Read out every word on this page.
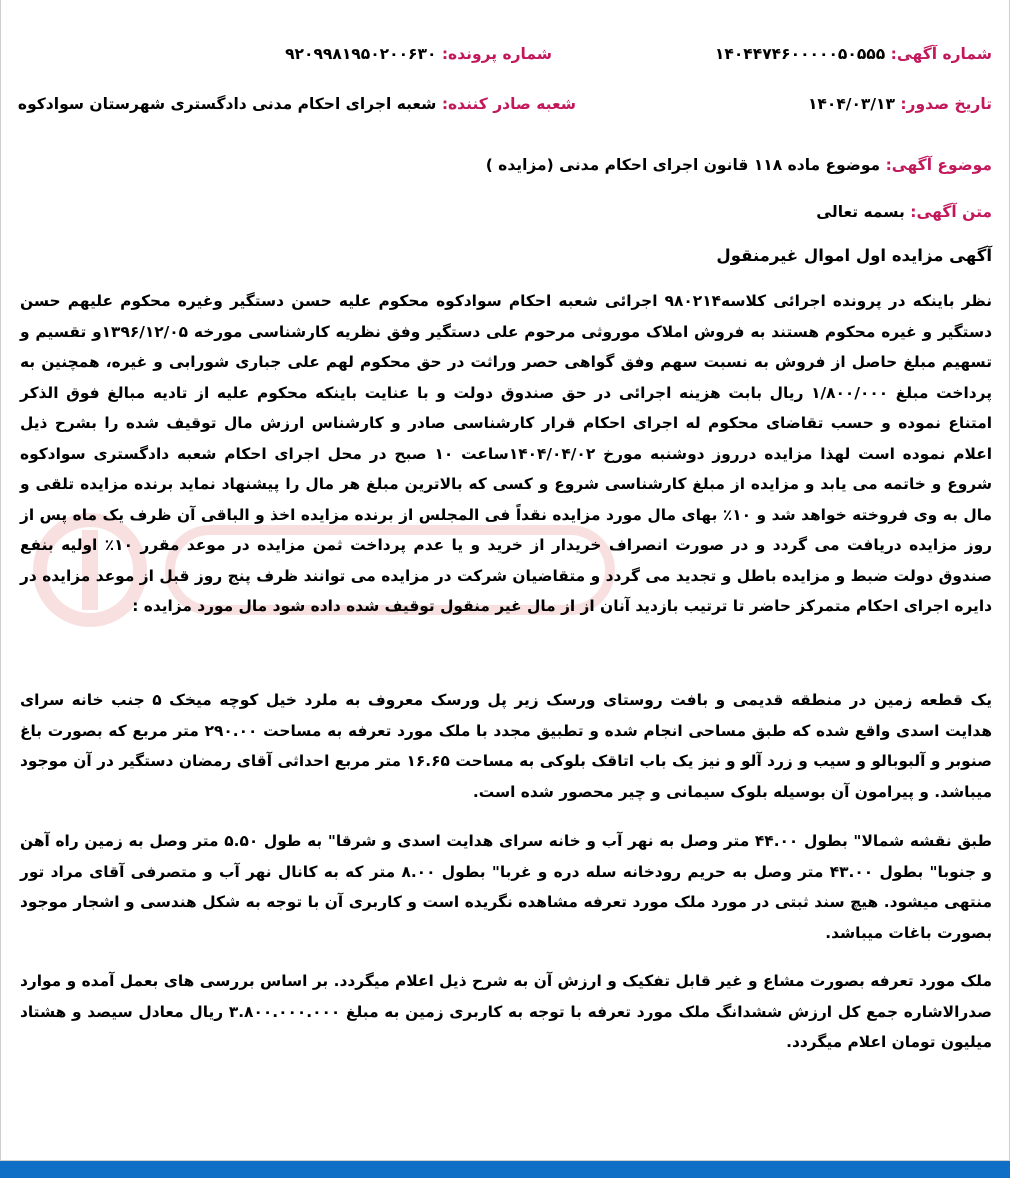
شماره آگهی: ۱۴۰۴۴۷۴۶۰۰۰۰۰۵۰۵۵۵
شماره پرونده: ۹۲۰۹۹۸۱۹۵۰۲۰۰۶۳۰
تاریخ صدور: ۱۴۰۴/۰۳/۱۳
شعبه صادر کننده: شعبه اجرای احکام مدنی دادگستری شهرستان سوادکوه
موضوع آگهی: موضوع ماده ۱۱۸ قانون اجرای احکام مدنی (مزایده )
متن آگهی: بسمه تعالی
آگهی مزایده اول اموال غیرمنقول

نظر باینکه در پرونده اجرائی کلاسه۹۸۰۲۱۴ اجرائی شعبه احکام سوادکوه محکوم علیه حسن دستگیر وغیره محکوم علیهم حسن دستگیر و غیره محکوم هستند به فروش املاک موروثی مرحوم علی دستگیر وفق نظریه کارشناسی مورخه ۱۳۹۶/۱۲/۰۵و تقسیم و تسهیم مبلغ حاصل از فروش به نسبت سهم وفق گواهی حصر وراثت در حق محکوم لهم علی جباری شورابی و غیره، همچنین به پرداخت مبلغ ۱/۸۰۰/۰۰۰ ریال بابت هزینه اجرائی در حق صندوق دولت و با عنایت باینکه محکوم علیه از تادیه مبالغ فوق الذکر امتناع نموده و حسب تقاضای محکوم له اجرای احکام قرار کارشناسی صادر و کارشناس ارزش مال توقیف شده را بشرح ذیل اعلام نموده است لهذا مزایده درروز دوشنبه مورخ ۱۴۰۴/۰۴/۰۲ساعت ۱۰ صبح در محل اجرای احکام شعبه دادگستری سوادکوه شروع و خاتمه می یابد و مزایده از مبلغ کارشناسی شروع و کسی که بالاترین مبلغ هر مال را پیشنهاد نماید برنده مزایده تلقی و مال به وی فروخته خواهد شد و ۱۰٪ بهای مال مورد مزایده نقداً فی المجلس از برنده مزایده اخذ و الباقی آن ظرف یک ماه پس از روز مزایده دریافت می گردد و در صورت انصراف خریدار از خرید و یا عدم پرداخت ثمن مزایده در موعد مقرر ۱۰٪ اولیه بنفع صندوق دولت ضبط و مزایده باطل و تجدید می گردد و متقاضیان شرکت در مزایده می توانند ظرف پنج روز قبل از موعد مزایده در دایره اجرای احکام متمرکز حاضر تا ترتیب بازدید آنان از از مال غیر منقول توقیف شده داده شود مال مورد مزایده :

یک قطعه زمین در منطقه قدیمی و بافت روستای ورسک زیر پل ورسک معروف به ملرد خیل کوچه میخک ۵ جنب خانه سرای هدایت اسدی واقع شده که طبق مساحی انجام شده و تطبیق مجدد با ملک مورد تعرفه به مساحت ۲۹۰.۰۰ متر مربع که بصورت باغ صنوبر و آلبوبالو و سیب و زرد آلو و نیز یک باب اتاقک بلوکی به مساحت ۱۶.۶۵ متر مربع احداثی آقای رمضان دستگیر در آن موجود میباشد. و پیرامون آن بوسیله بلوک سیمانی و چیر محصور شده است.

طبق نقشه شمالا" بطول ۴۴.۰۰ متر وصل به نهر آب و خانه سرای هدایت اسدی و شرقا" به طول ۵.۵۰ متر وصل به زمین راه آهن و جنوبا" بطول ۴۳.۰۰ متر وصل به حریم رودخانه سله دره و غربا" بطول ۸.۰۰ متر که به کانال نهر آب و متصرفی آقای مراد تور منتهی میشود. هیچ سند ثبتی در مورد ملک مورد تعرفه مشاهده نگریده است و کاربری آن با توجه به شکل هندسی و اشجار موجود بصورت باغات میباشد.

ملک مورد تعرفه بصورت مشاع و غیر قابل تفکیک و ارزش آن به شرح ذیل اعلام میگردد. بر اساس بررسی های بعمل آمده و موارد صدرالاشاره جمع کل ارزش ششدانگ ملک مورد تعرفه با توجه به کاربری زمین به مبلغ ۳.۸۰۰.۰۰۰.۰۰۰ ریال معادل سیصد و هشتاد میلیون تومان اعلام میگردد.
